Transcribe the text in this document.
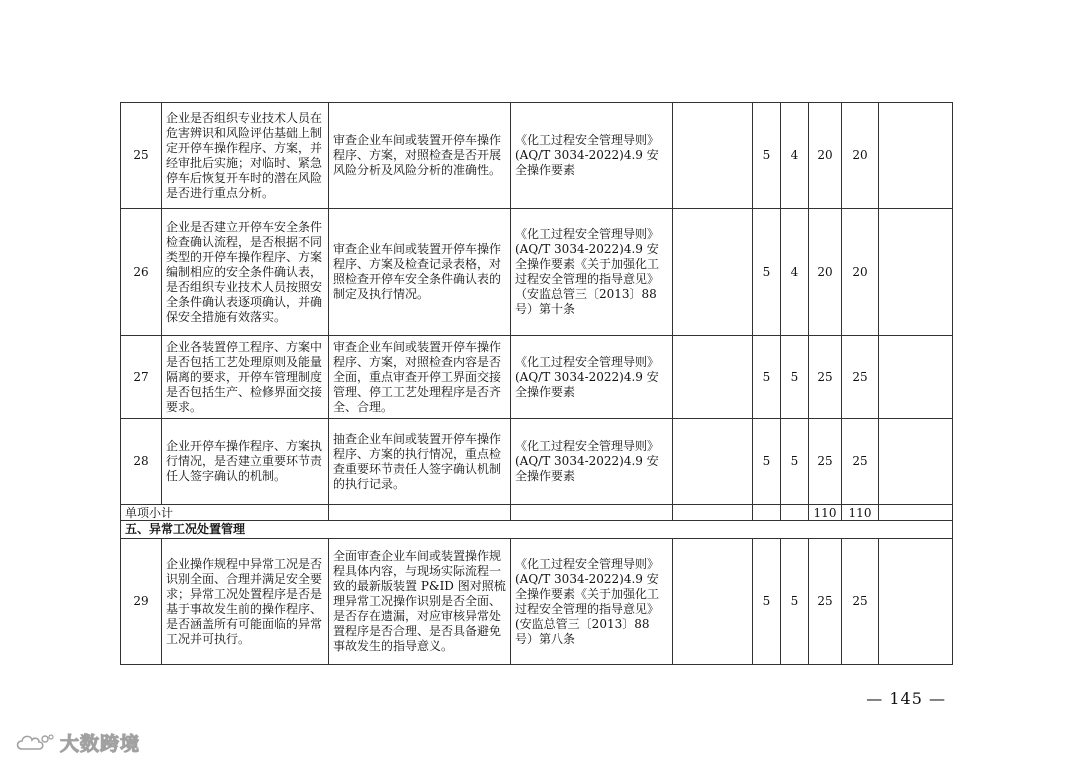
25	企业是否组织专业技术人员在危害辨识和风险评估基础上制定开停车操作程序、方案，并经审批后实施；对临时、紧急停车后恢复开车时的潜在风险是否进行重点分析。	审查企业车间或装置开停车操作程序、方案，对照检查是否开展风险分析及风险分析的准确性。	《化工过程安全管理导则》(AQ/T 3034-2022)4.9 安全操作要素		5	4	20	20	
26	企业是否建立开停车安全条件检查确认流程，是否根据不同类型的开停车操作程序、方案编制相应的安全条件确认表，是否组织专业技术人员按照安全条件确认表逐项确认，并确保安全措施有效落实。	审查企业车间或装置开停车操作程序、方案及检查记录表格，对照检查开停车安全条件确认表的制定及执行情况。	《化工过程安全管理导则》(AQ/T 3034-2022)4.9 安全操作要素《关于加强化工过程安全管理的指导意见》（安监总管三〔2013〕88 号）第十条		5	4	20	20	
27	企业各装置停工程序、方案中是否包括工艺处理原则及能量隔离的要求，开停车管理制度是否包括生产、检修界面交接要求。	审查企业车间或装置开停车操作程序、方案，对照检查内容是否全面，重点审查开停工界面交接管理、停工工艺处理程序是否齐全、合理。	《化工过程安全管理导则》(AQ/T 3034-2022)4.9 安全操作要素		5	5	25	25	
28	企业开停车操作程序、方案执行情况，是否建立重要环节责任人签字确认的机制。	抽查企业车间或装置开停车操作程序、方案的执行情况，重点检查重要环节责任人签字确认机制的执行记录。	《化工过程安全管理导则》(AQ/T 3034-2022)4.9 安全操作要素		5	5	25	25	
单项小计							110	110	
五、异常工况处置管理									
29	企业操作规程中异常工况是否识别全面、合理并满足安全要求；异常工况处置程序是否是基于事故发生前的操作程序、是否涵盖所有可能面临的异常工况并可执行。	全面审查企业车间或装置操作规程具体内容，与现场实际流程一致的最新版装置 P&ID 图对照梳理异常工况操作识别是否全面、是否存在遗漏，对应审核异常处置程序是否合理、是否具备避免事故发生的指导意义。	《化工过程安全管理导则》(AQ/T 3034-2022)4.9 安全操作要素《关于加强化工过程安全管理的指导意见》(安监总管三〔2013〕88 号）第八条		5	5	25	25	
— 145 —
大数跨境
